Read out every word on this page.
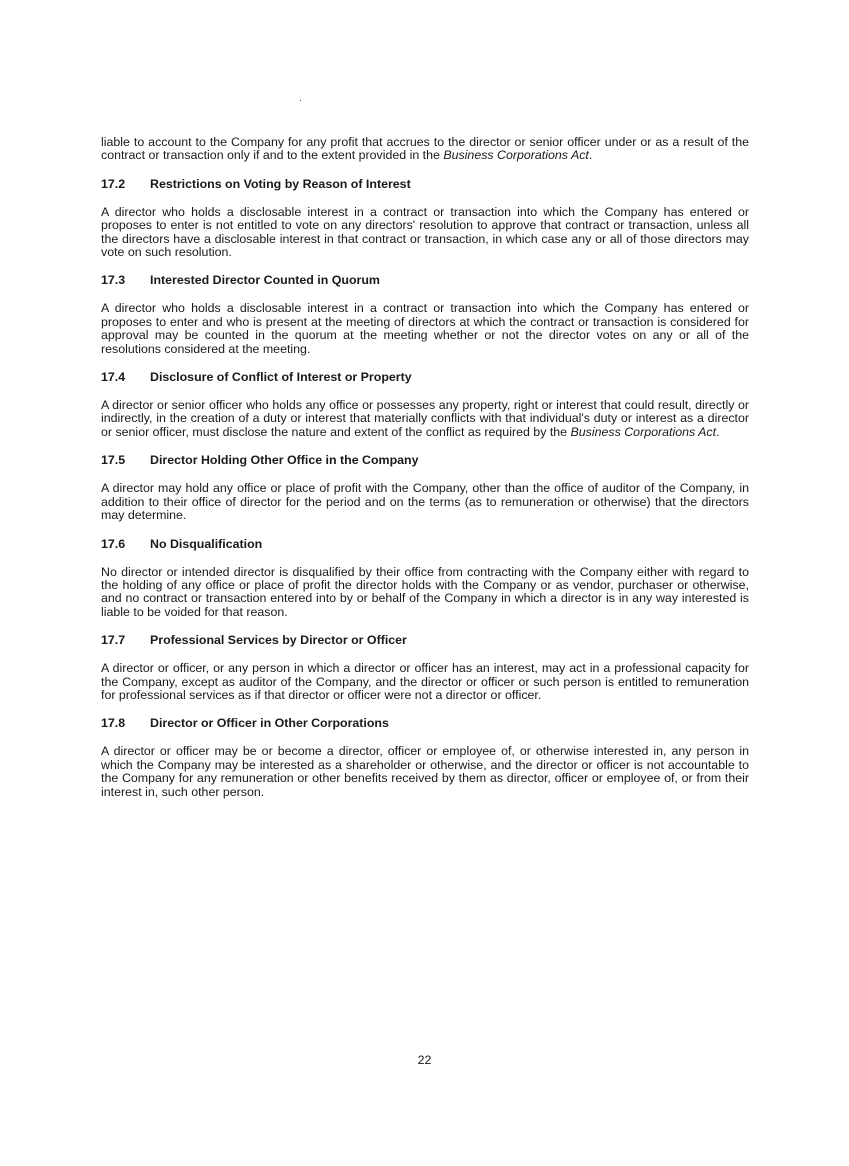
liable to account to the Company for any profit that accrues to the director or senior officer under or as a result of the contract or transaction only if and to the extent provided in the Business Corporations Act.

17.2	Restrictions on Voting by Reason of Interest

A director who holds a disclosable interest in a contract or transaction into which the Company has entered or proposes to enter is not entitled to vote on any directors' resolution to approve that contract or transaction, unless all the directors have a disclosable interest in that contract or transaction, in which case any or all of those directors may vote on such resolution.

17.3	Interested Director Counted in Quorum

A director who holds a disclosable interest in a contract or transaction into which the Company has entered or proposes to enter and who is present at the meeting of directors at which the contract or transaction is considered for approval may be counted in the quorum at the meeting whether or not the director votes on any or all of the resolutions considered at the meeting.

17.4	Disclosure of Conflict of Interest or Property

A director or senior officer who holds any office or possesses any property, right or interest that could result, directly or indirectly, in the creation of a duty or interest that materially conflicts with that individual's duty or interest as a director or senior officer, must disclose the nature and extent of the conflict as required by the Business Corporations Act.

17.5	Director Holding Other Office in the Company

A director may hold any office or place of profit with the Company, other than the office of auditor of the Company, in addition to their office of director for the period and on the terms (as to remuneration or otherwise) that the directors may determine.

17.6	No Disqualification

No director or intended director is disqualified by their office from contracting with the Company either with regard to the holding of any office or place of profit the director holds with the Company or as vendor, purchaser or otherwise, and no contract or transaction entered into by or behalf of the Company in which a director is in any way interested is liable to be voided for that reason.

17.7	Professional Services by Director or Officer

A director or officer, or any person in which a director or officer has an interest, may act in a professional capacity for the Company, except as auditor of the Company, and the director or officer or such person is entitled to remuneration for professional services as if that director or officer were not a director or officer.

17.8	Director or Officer in Other Corporations

A director or officer may be or become a director, officer or employee of, or otherwise interested in, any person in which the Company may be interested as a shareholder or otherwise, and the director or officer is not accountable to the Company for any remuneration or other benefits received by them as director, officer or employee of, or from their interest in, such other person.

22
